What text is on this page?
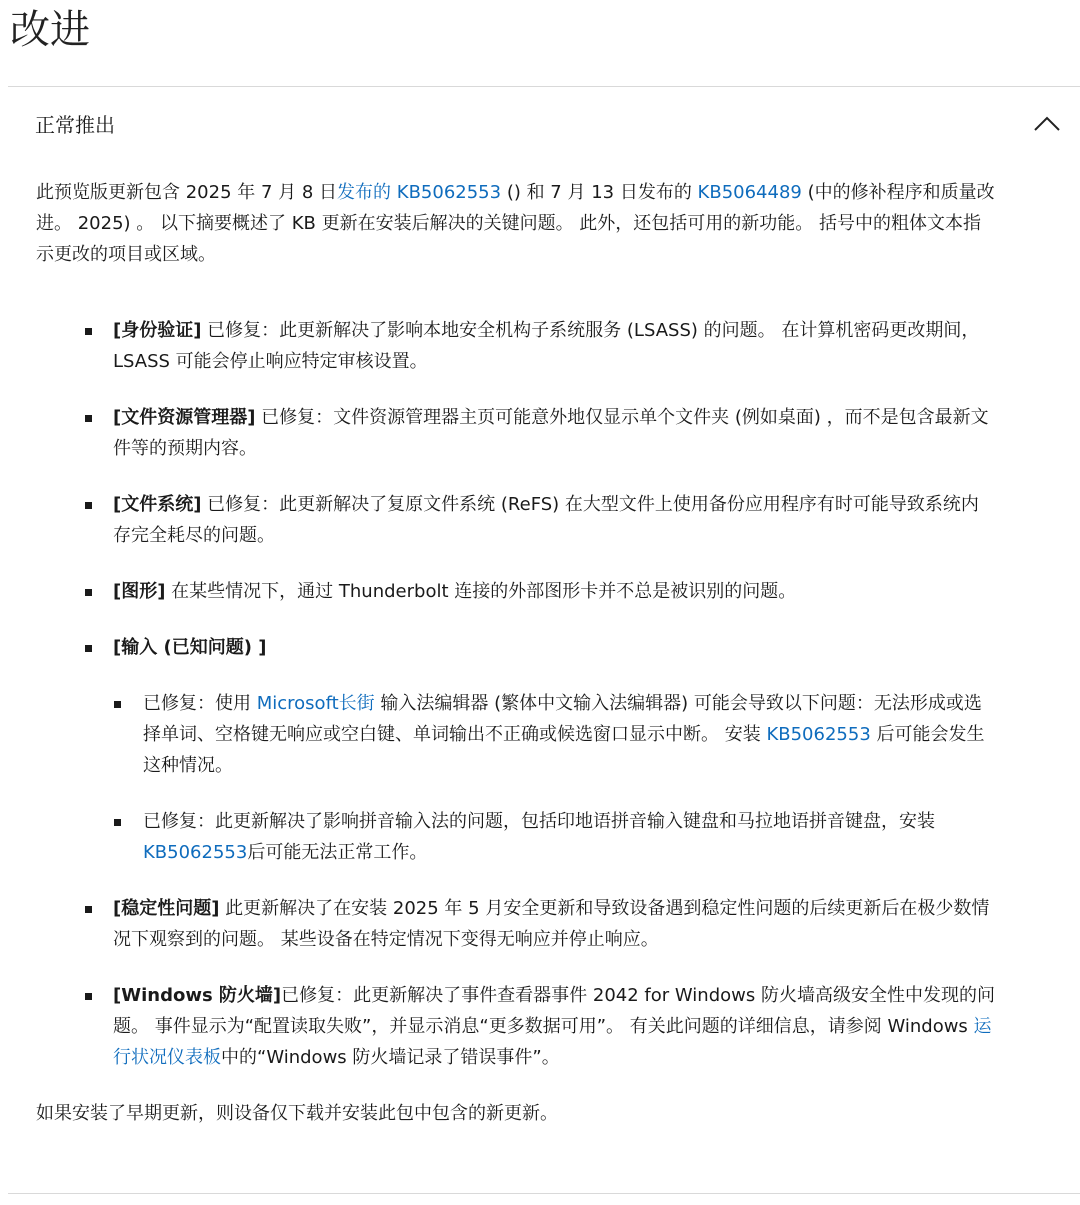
改进
正常推出

此预览版更新包含 2025 年 7 月 8 日发布的 KB5062553 () 和 7 月 13 日发布的 KB5064489 (中的修补程序和质量改进。 2025) 。 以下摘要概述了 KB 更新在安装后解决的关键问题。 此外，还包括可用的新功能。 括号中的粗体文本指示更改的项目或区域。

[身份验证] 已修复：此更新解决了影响本地安全机构子系统服务 (LSASS) 的问题。 在计算机密码更改期间，LSASS 可能会停止响应特定审核设置。
[文件资源管理器] 已修复：文件资源管理器主页可能意外地仅显示单个文件夹 (例如桌面) ，而不是包含最新文件等的预期内容。
[文件系统] 已修复：此更新解决了复原文件系统 (ReFS) 在大型文件上使用备份应用程序有时可能导致系统内存完全耗尽的问题。
[图形] 在某些情况下，通过 Thunderbolt 连接的外部图形卡并不总是被识别的问题。
[输入 (已知问题) ]
已修复：使用 Microsoft长街 输入法编辑器 (繁体中文输入法编辑器) 可能会导致以下问题：无法形成或选择单词、空格键无响应或空白键、单词输出不正确或候选窗口显示中断。 安装 KB5062553 后可能会发生这种情况。
已修复：此更新解决了影响拼音输入法的问题，包括印地语拼音输入键盘和马拉地语拼音键盘，安装 KB5062553后可能无法正常工作。
[稳定性问题] 此更新解决了在安装 2025 年 5 月安全更新和导致设备遇到稳定性问题的后续更新后在极少数情况下观察到的问题。 某些设备在特定情况下变得无响应并停止响应。
[Windows 防火墙]已修复：此更新解决了事件查看器事件 2042 for Windows 防火墙高级安全性中发现的问题。 事件显示为“配置读取失败”，并显示消息“更多数据可用”。 有关此问题的详细信息，请参阅 Windows 运行状况仪表板中的“Windows 防火墙记录了错误事件”。

如果安装了早期更新，则设备仅下载并安装此包中包含的新更新。
